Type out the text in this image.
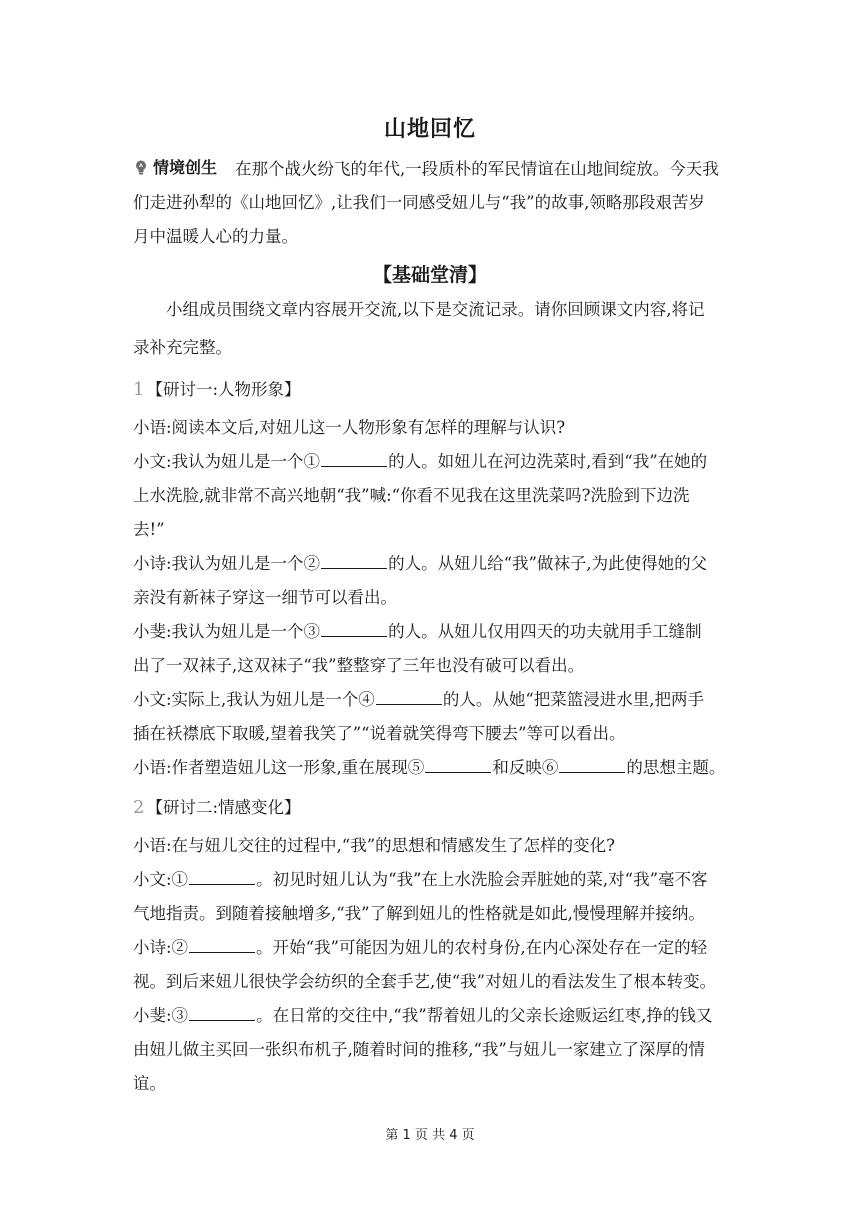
山地回忆
情境创生 在那个战火纷飞的年代,一段质朴的军民情谊在山地间绽放。今天我
们走进孙犁的《山地回忆》,让我们一同感受妞儿与“我”的故事,领略那段艰苦岁
月中温暖人心的力量。
【基础堂清】
小组成员围绕文章内容展开交流,以下是交流记录。请你回顾课文内容,将记
录补充完整。
1 【研讨一:人物形象】
小语:阅读本文后,对妞儿这一人物形象有怎样的理解与认识?
小文:我认为妞儿是一个①	的人。如妞儿在河边洗菜时,看到“我”在她的
上水洗脸,就非常不高兴地朝“我”喊:“你看不见我在这里洗菜吗?洗脸到下边洗
去!”
小诗:我认为妞儿是一个②	的人。从妞儿给“我”做袜子,为此使得她的父
亲没有新袜子穿这一细节可以看出。
小斐:我认为妞儿是一个③	的人。从妞儿仅用四天的功夫就用手工缝制
出了一双袜子,这双袜子“我”整整穿了三年也没有破可以看出。
小文:实际上,我认为妞儿是一个④	的人。从她“把菜篮浸进水里,把两手
插在袄襟底下取暖,望着我笑了”“说着就笑得弯下腰去”等可以看出。
小语:作者塑造妞儿这一形象,重在展现⑤	和反映⑥	的思想主题。
2 【研讨二:情感变化】
小语:在与妞儿交往的过程中,“我”的思想和情感发生了怎样的变化?
小文:①	。初见时妞儿认为“我”在上水洗脸会弄脏她的菜,对“我”毫不客
气地指责。到随着接触增多,“我”了解到妞儿的性格就是如此,慢慢理解并接纳。
小诗:②	。开始“我”可能因为妞儿的农村身份,在内心深处存在一定的轻
视。到后来妞儿很快学会纺织的全套手艺,使“我”对妞儿的看法发生了根本转变。
小斐:③	。在日常的交往中,“我”帮着妞儿的父亲长途贩运红枣,挣的钱又
由妞儿做主买回一张织布机子,随着时间的推移,“我”与妞儿一家建立了深厚的情
谊。
第 1 页 共 4 页
